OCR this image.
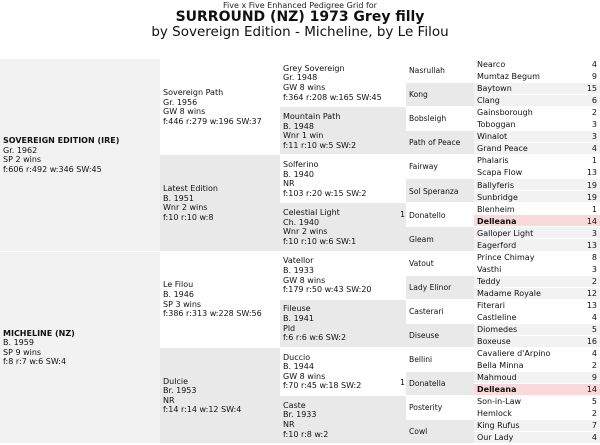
Five x Five Enhanced Pedigree Grid for
SURROUND (NZ) 1973 Grey filly
by Sovereign Edition - Micheline, by Le Filou
SOVEREIGN EDITION (IRE)
Gr. 1962
SP 2 wins
f:606 r:492 w:346 SW:45
MICHELINE (NZ)
B. 1959
SP 9 wins
f:8 r:7 w:6 SW:4
Sovereign Path
Gr. 1956
GW 8 wins
f:446 r:279 w:196 SW:37
Latest Edition
B. 1951
Wnr 2 wins
f:10 r:10 w:8
Le Filou
B. 1946
SP 3 wins
f:386 r:313 w:228 SW:56
Dulcie
Br. 1953
NR
f:14 r:14 w:12 SW:4
Grey Sovereign
Gr. 1948
GW 8 wins
f:364 r:208 w:165 SW:45
Mountain Path
B. 1948
Wnr 1 win
f:11 r:10 w:5 SW:2
Solferino
B. 1940
NR
f:103 r:20 w:15 SW:2
Celestial Light
Ch. 1940
Wnr 2 wins
f:10 r:10 w:6 SW:1
Vatellor
B. 1933
GW 8 wins
f:179 r:50 w:43 SW:20
Fileuse
B. 1941
Pld
f:6 r:6 w:6 SW:2
Duccio
B. 1944
GW 8 wins
f:70 r:45 w:18 SW:2
Caste
Br. 1933
NR
f:10 r:8 w:2
Nasrullah
Kong
Bobsleigh
Path of Peace
Fairway
Sol Speranza
1 Donatello
Gleam
Vatout
Lady Elinor
Casterari
Diseuse
Bellini
1 Donatella
Posterity
Cowl
Nearco	4
Mumtaz Begum	9
Baytown	15
Clang	6
Gainsborough	2
Toboggan	3
Winalot	3
Grand Peace	4
Phalaris	1
Scapa Flow	13
Ballyferis	19
Sunbridge	19
Blenheim	1
Delleana	14
Galloper Light	3
Eagerford	13
Prince Chimay	8
Vasthi	3
Teddy	2
Madame Royale	12
Fiterari	13
Castleline	4
Diomedes	5
Boxeuse	16
Cavaliere d'Arpino	4
Bella Minna	2
Mahmoud	9
Delleana	14
Son-in-Law	5
Hemlock	2
King Rufus	7
Our Lady	4
